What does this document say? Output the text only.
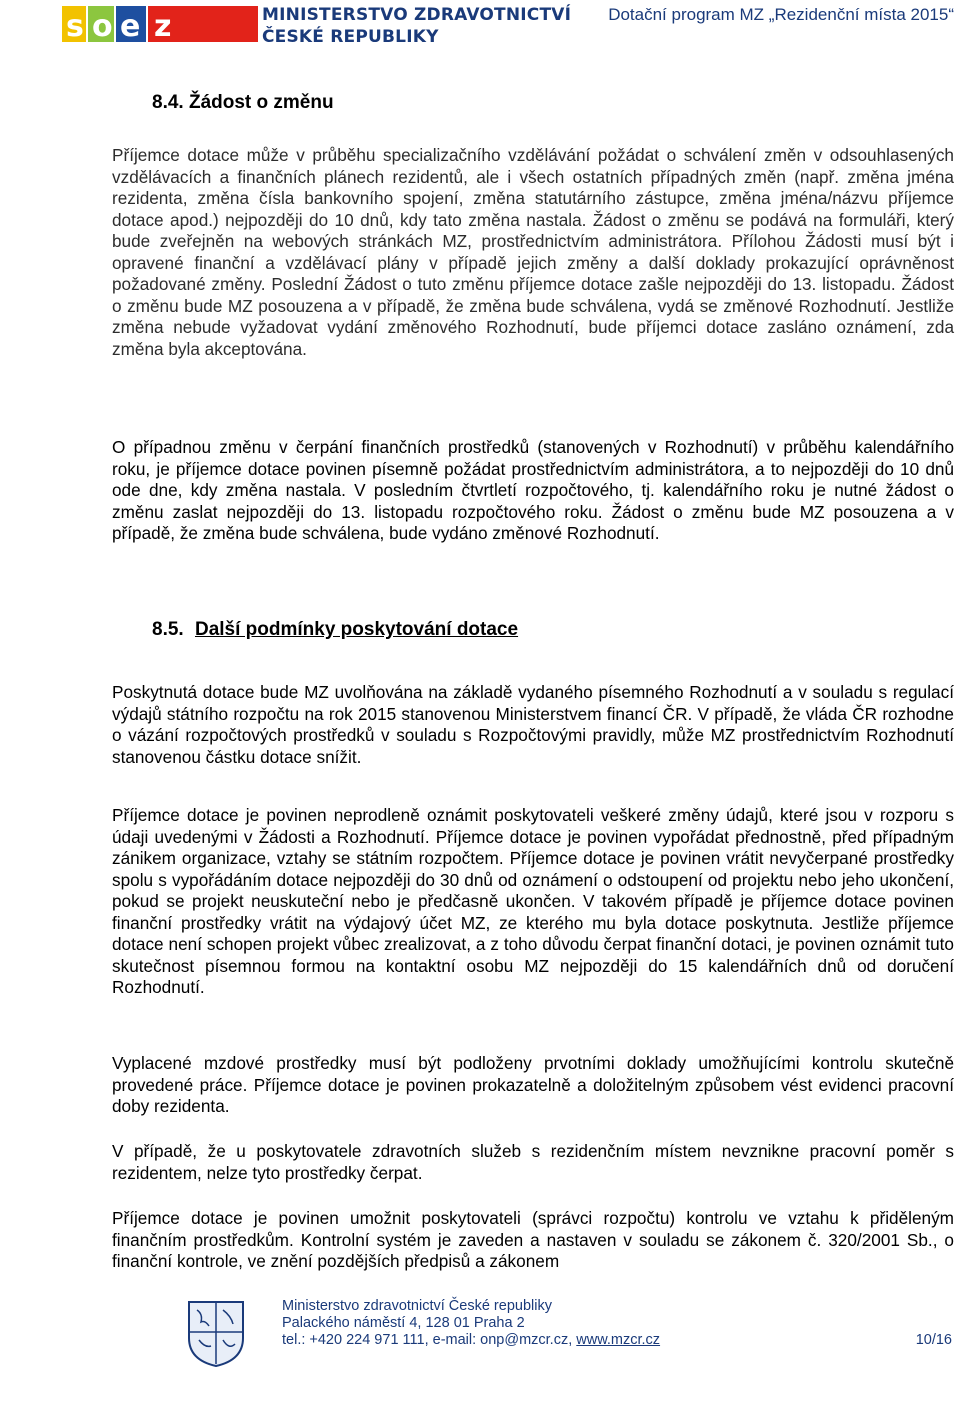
s o e z	MINISTERSTVO ZDRAVOTNICTVÍ
ČESKÉ REPUBLIKY
Dotační program MZ „Rezidenční místa 2015“
8.4. Žádost o změnu

Příjemce dotace může v průběhu specializačního vzdělávání požádat o schválení změn v odsouhlasených vzdělávacích a finančních plánech rezidentů, ale i všech ostatních případných změn (např. změna jména rezidenta, změna čísla bankovního spojení, změna statutárního zástupce, změna jména/názvu příjemce dotace apod.) nejpozději do 10 dnů, kdy tato změna nastala. Žádost o změnu se podává na formuláři, který bude zveřejněn na webových stránkách MZ, prostřednictvím administrátora. Přílohou Žádosti musí být i opravené finanční a vzdělávací plány v případě jejich změny a další doklady prokazující oprávněnost požadované změny. Poslední Žádost o tuto změnu příjemce dotace zašle nejpozději do 13. listopadu. Žádost o změnu bude MZ posouzena a v případě, že změna bude schválena, vydá se změnové Rozhodnutí. Jestliže změna nebude vyžadovat vydání změnového Rozhodnutí, bude příjemci dotace zasláno oznámení, zda změna byla akceptována.

O případnou změnu v čerpání finančních prostředků (stanovených v Rozhodnutí) v průběhu kalendářního roku, je příjemce dotace povinen písemně požádat prostřednictvím administrátora, a to nejpozději do 10 dnů ode dne, kdy změna nastala. V posledním čtvrtletí rozpočtového, tj. kalendářního roku je nutné žádost o změnu zaslat nejpozději do 13. listopadu rozpočtového roku. Žádost o změnu bude MZ posouzena a v případě, že změna bude schválena, bude vydáno změnové Rozhodnutí.

8.5. Další podmínky poskytování dotace

Poskytnutá dotace bude MZ uvolňována na základě vydaného písemného Rozhodnutí a v souladu s regulací výdajů státního rozpočtu na rok 2015 stanovenou Ministerstvem financí ČR. V případě, že vláda ČR rozhodne o vázání rozpočtových prostředků v souladu s Rozpočtovými pravidly, může MZ prostřednictvím Rozhodnutí stanovenou částku dotace snížit.

Příjemce dotace je povinen neprodleně oznámit poskytovateli veškeré změny údajů, které jsou v rozporu s údaji uvedenými v Žádosti a Rozhodnutí. Příjemce dotace je povinen vypořádat přednostně, před případným zánikem organizace, vztahy se státním rozpočtem. Příjemce dotace je povinen vrátit nevyčerpané prostředky spolu s vypořádáním dotace nejpozději do 30 dnů od oznámení o odstoupení od projektu nebo jeho ukončení, pokud se projekt neuskuteční nebo je předčasně ukončen. V takovém případě je příjemce dotace povinen finanční prostředky vrátit na výdajový účet MZ, ze kterého mu byla dotace poskytnuta. Jestliže příjemce dotace není schopen projekt vůbec zrealizovat, a z toho důvodu čerpat finanční dotaci, je povinen oznámit tuto skutečnost písemnou formou na kontaktní osobu MZ nejpozději do 15 kalendářních dnů od doručení Rozhodnutí.

Vyplacené mzdové prostředky musí být podloženy prvotními doklady umožňujícími kontrolu skutečně provedené práce. Příjemce dotace je povinen prokazatelně a doložitelným způsobem vést evidenci pracovní doby rezidenta.

V případě, že u poskytovatele zdravotních služeb s rezidenčním místem nevznikne pracovní poměr s rezidentem, nelze tyto prostředky čerpat.

Příjemce dotace je povinen umožnit poskytovateli (správci rozpočtu) kontrolu ve vztahu k přiděleným finančním prostředkům. Kontrolní systém je zaveden a nastaven v souladu se zákonem č. 320/2001 Sb., o finanční kontrole, ve znění pozdějších předpisů a zákonem

Ministerstvo zdravotnictví České republiky
Palackého náměstí 4, 128 01 Praha 2
tel.: +420 224 971 111, e-mail: onp@mzcr.cz, www.mzcr.cz	10/16
